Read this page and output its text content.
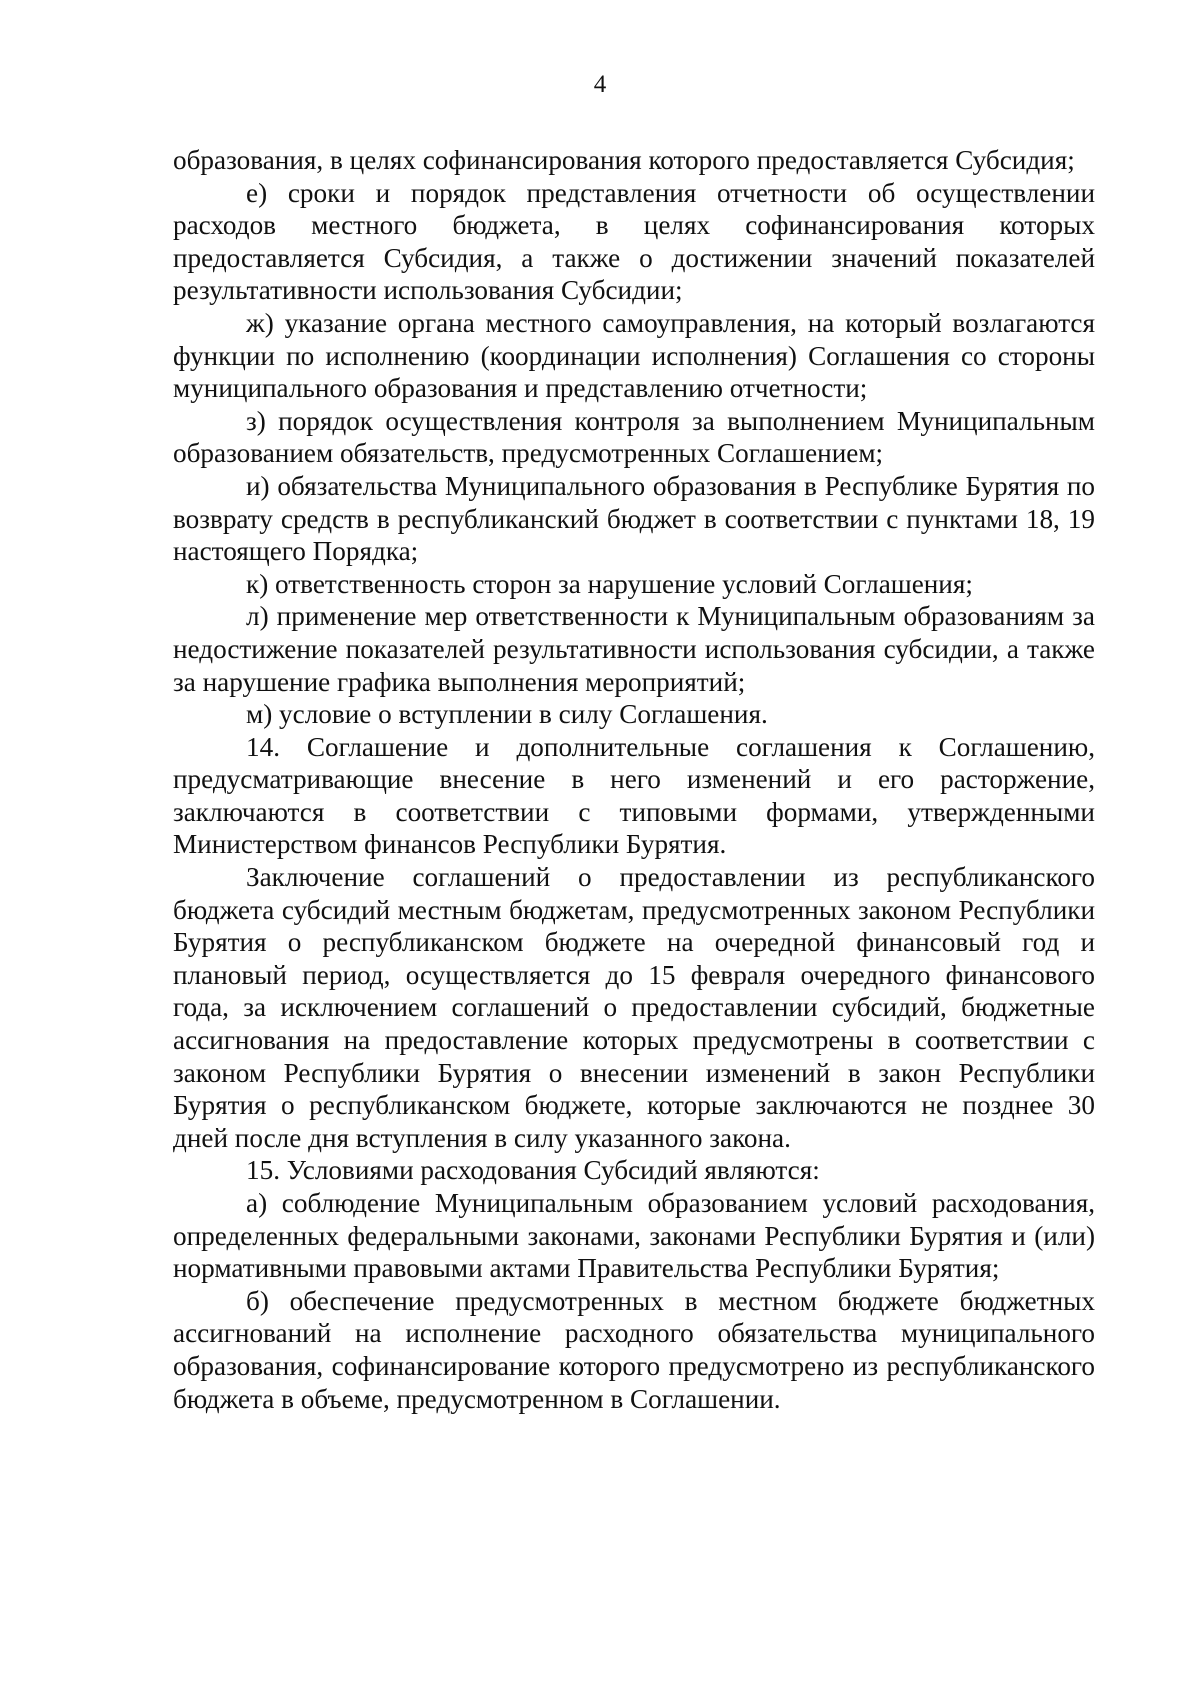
4

образования, в целях софинансирования которого предоставляется Субсидия;

е) сроки и порядок представления отчетности об осуществлении расходов местного бюджета, в целях софинансирования которых предоставляется Субсидия, а также о достижении значений показателей результативности использования Субсидии;

ж) указание органа местного самоуправления, на который возлагаются функции по исполнению (координации исполнения) Соглашения со стороны муниципального образования и представлению отчетности;

з) порядок осуществления контроля за выполнением Муниципальным образованием обязательств, предусмотренных Соглашением;

и) обязательства Муниципального образования в Республике Бурятия по возврату средств в республиканский бюджет в соответствии с пунктами 18, 19 настоящего Порядка;

к) ответственность сторон за нарушение условий Соглашения;

л) применение мер ответственности к Муниципальным образованиям за недостижение показателей результативности использования субсидии, а также за нарушение графика выполнения мероприятий;

м) условие о вступлении в силу Соглашения.

14. Соглашение и дополнительные соглашения к Соглашению, предусматривающие внесение в него изменений и его расторжение, заключаются в соответствии с типовыми формами, утвержденными Министерством финансов Республики Бурятия.

Заключение соглашений о предоставлении из республиканского бюджета субсидий местным бюджетам, предусмотренных законом Республики Бурятия о республиканском бюджете на очередной финансовый год и плановый период, осуществляется до 15 февраля очередного финансового года, за исключением соглашений о предоставлении субсидий, бюджетные ассигнования на предоставление которых предусмотрены в соответствии с законом Республики Бурятия о внесении изменений в закон Республики Бурятия о республиканском бюджете, которые заключаются не позднее 30 дней после дня вступления в силу указанного закона.

15. Условиями расходования Субсидий являются:

а) соблюдение Муниципальным образованием условий расходования, определенных федеральными законами, законами Республики Бурятия и (или) нормативными правовыми актами Правительства Республики Бурятия;

б) обеспечение предусмотренных в местном бюджете бюджетных ассигнований на исполнение расходного обязательства муниципального образования, софинансирование которого предусмотрено из республиканского бюджета в объеме, предусмотренном в Соглашении.
